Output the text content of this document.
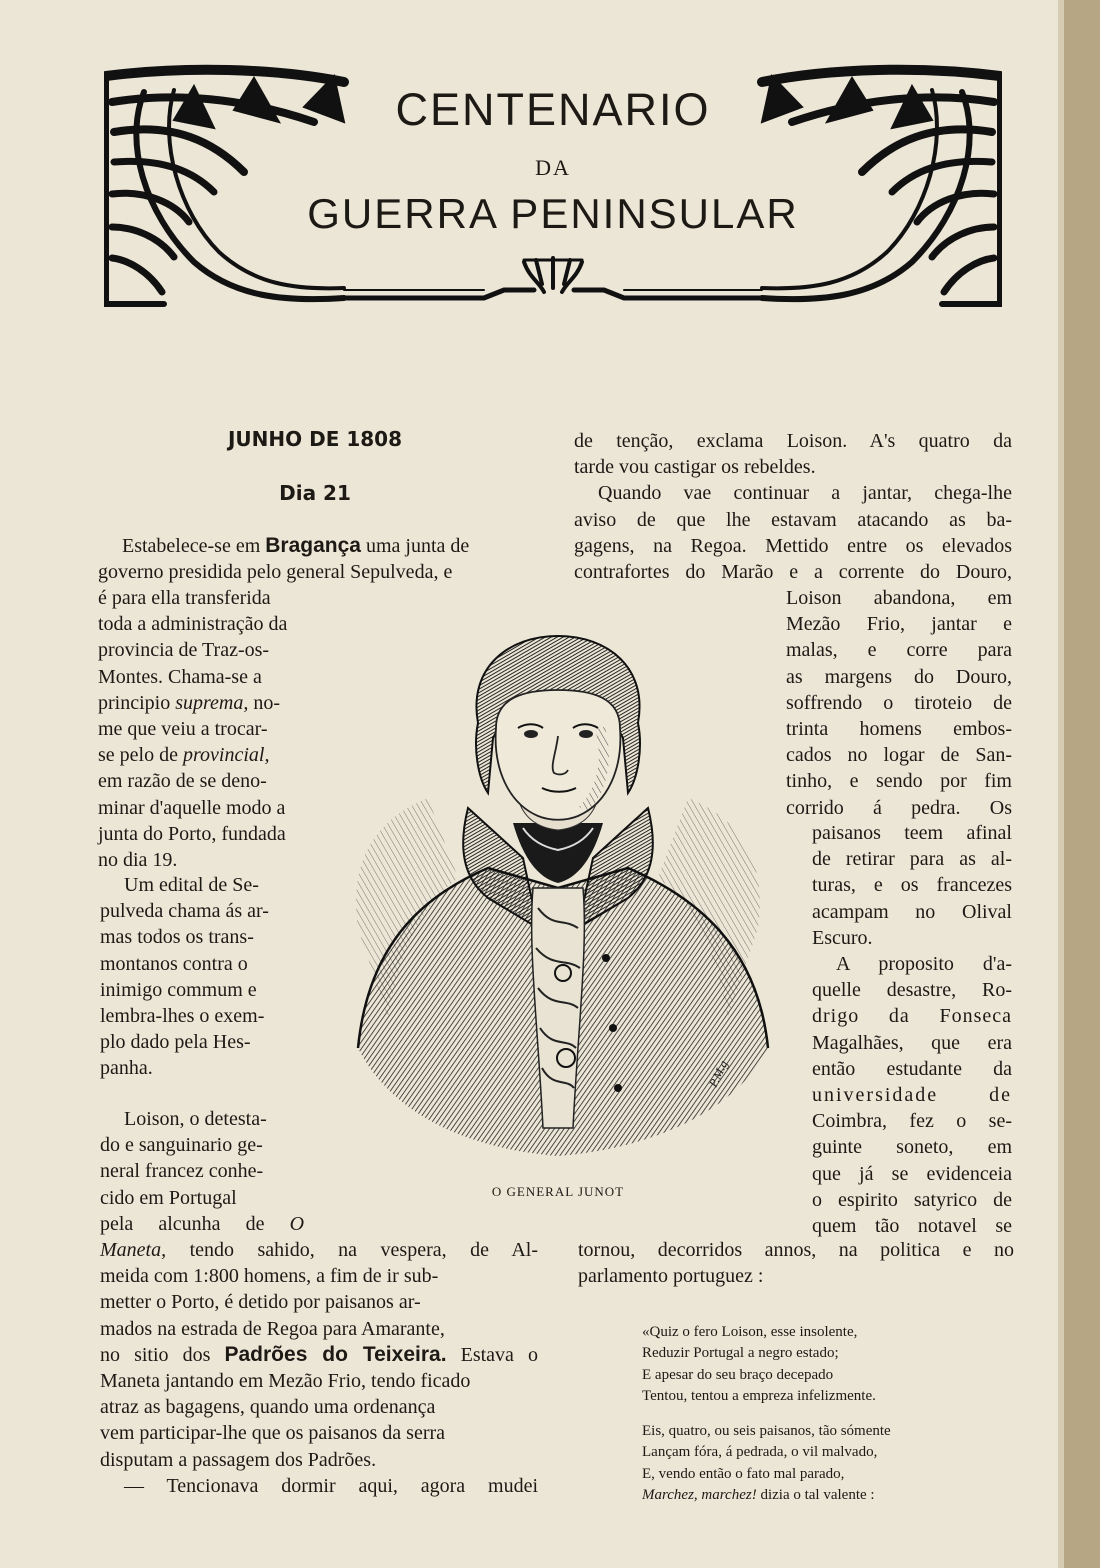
CENTENARIO
DA
GUERRA PENINSULAR
JUNHO DE 1808
Dia 21

Estabelece-se em Bragança uma junta de

governo presidida pelo general Sepulveda, e

é para ella transferida

toda a administração da

provincia de Traz-os-

Montes. Chama-se a

principio suprema, no-

me que veiu a trocar-

se pelo de provincial,

em razão de se deno-

minar d'aquelle modo a

junta do Porto, fundada

no dia 19.

Um edital de Se-

pulveda chama ás ar-

mas todos os trans-

montanos contra o

inimigo commum e

lembra-lhes o exem-

plo dado pela Hes-

panha.

Loison, o detesta-

do e sanguinario ge-

neral francez conhe-

cido em Portugal

pela alcunha de O

Maneta, tendo sahido, na vespera, de Al-

meida com 1:800 homens, a fim de ir sub-

metter o Porto, é detido por paisanos ar-

mados na estrada de Regoa para Amarante,

no sitio dos Padrões do Teixeira. Estava o

Maneta jantando em Mezão Frio, tendo ficado

atraz as bagagens, quando uma ordenança

vem participar-lhe que os paisanos da serra

disputam a passagem dos Padrões.

— Tencionava dormir aqui, agora mudei

de tenção, exclama Loison. A's quatro da

tarde vou castigar os rebeldes.

Quando vae continuar a jantar, chega-lhe

aviso de que lhe estavam atacando as ba-

gagens, na Regoa. Mettido entre os elevados

contrafortes do Marão e a corrente do Douro,

Loison abandona, em

Mezão Frio, jantar e

malas, e corre para

as margens do Douro,

soffrendo o tiroteio de

trinta homens embos-

cados no logar de San-

tinho, e sendo por fim

corrido á pedra. Os

paisanos teem afinal

de retirar para as al-

turas, e os francezes

acampam no Olival

Escuro.

A proposito d'a-

quelle desastre, Ro-

drigo da Fonseca

Magalhães, que era

então estudante da

universidade de

Coimbra, fez o se-

guinte soneto, em

que já se evidenceia

o espirito satyrico de

quem tão notavel se

tornou, decorridos annos, na politica e no

parlamento portuguez :

P.M.g
O GENERAL JUNOT
«Quiz o fero Loison, esse insolente,
Reduzir Portugal a negro estado;
E apesar do seu braço decepado
Tentou, tentou a empreza infelizmente.
Eis, quatro, ou seis paisanos, tão sómente
Lançam fóra, á pedrada, o vil malvado,
E, vendo então o fato mal parado,
Marchez, marchez! dizia o tal valente :
